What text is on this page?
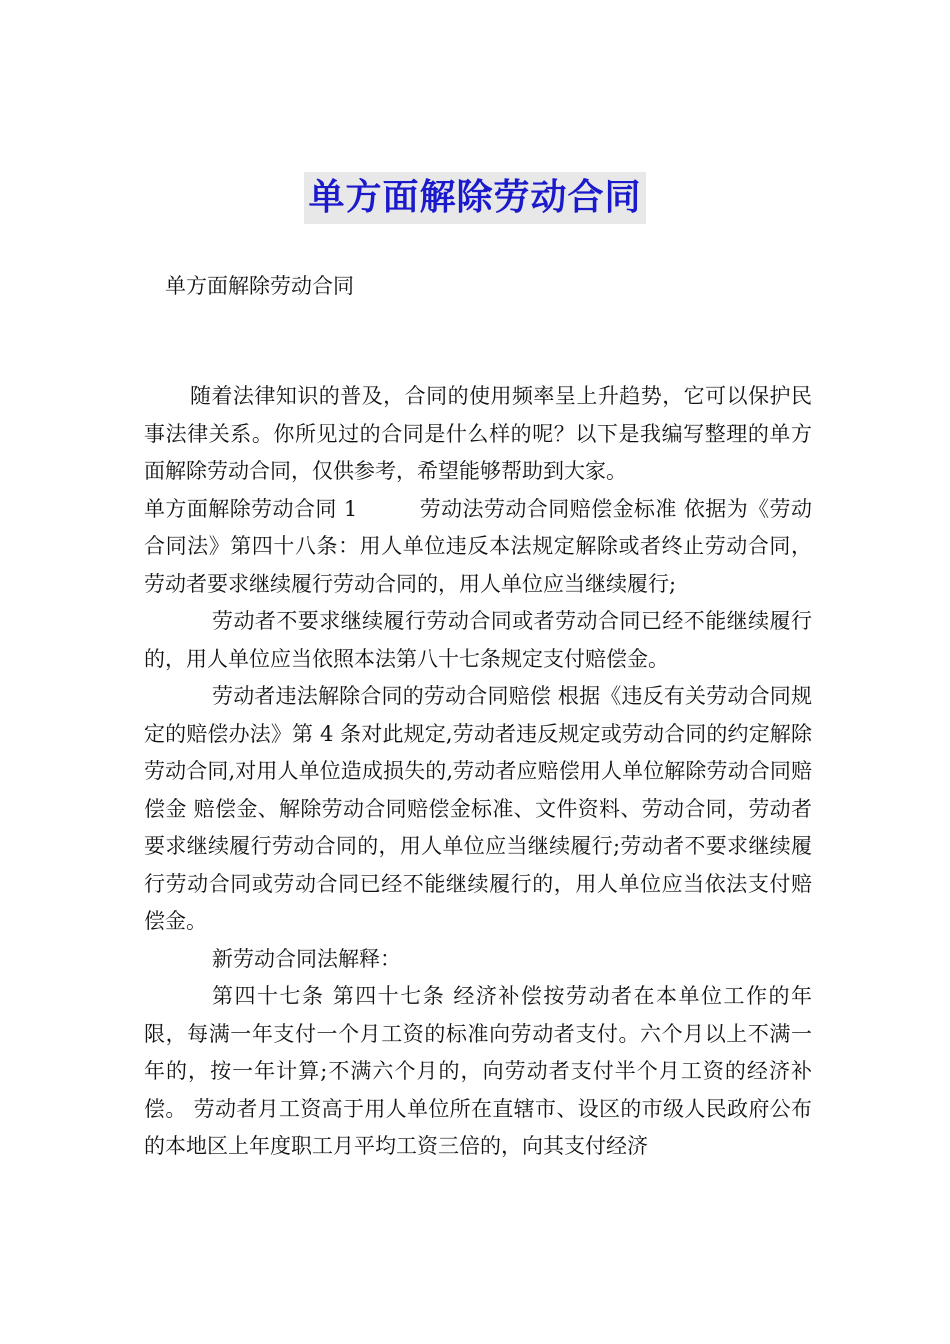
单方面解除劳动合同
单方面解除劳动合同

随着法律知识的普及，合同的使用频率呈上升趋势，它可以保护民事法律关系。你所见过的合同是什么样的呢？以下是我编写整理的单方面解除劳动合同，仅供参考，希望能够帮助到大家。

单方面解除劳动合同 1	劳动法劳动合同赔偿金标准 依据为《劳动合同法》第四十八条：用人单位违反本法规定解除或者终止劳动合同，劳动者要求继续履行劳动合同的，用人单位应当继续履行;

劳动者不要求继续履行劳动合同或者劳动合同已经不能继续履行的，用人单位应当依照本法第八十七条规定支付赔偿金。

劳动者违法解除合同的劳动合同赔偿 根据《违反有关劳动合同规定的赔偿办法》第 4 条对此规定,劳动者违反规定或劳动合同的约定解除劳动合同,对用人单位造成损失的,劳动者应赔偿用人单位解除劳动合同赔偿金 赔偿金、解除劳动合同赔偿金标准、文件资料、劳动合同，劳动者要求继续履行劳动合同的，用人单位应当继续履行;劳动者不要求继续履行劳动合同或劳动合同已经不能继续履行的，用人单位应当依法支付赔偿金。

新劳动合同法解释：

第四十七条 第四十七条 经济补偿按劳动者在本单位工作的年限，每满一年支付一个月工资的标准向劳动者支付。六个月以上不满一年的，按一年计算;不满六个月的，向劳动者支付半个月工资的经济补偿。 劳动者月工资高于用人单位所在直辖市、设区的市级人民政府公布的本地区上年度职工月平均工资三倍的，向其支付经济
